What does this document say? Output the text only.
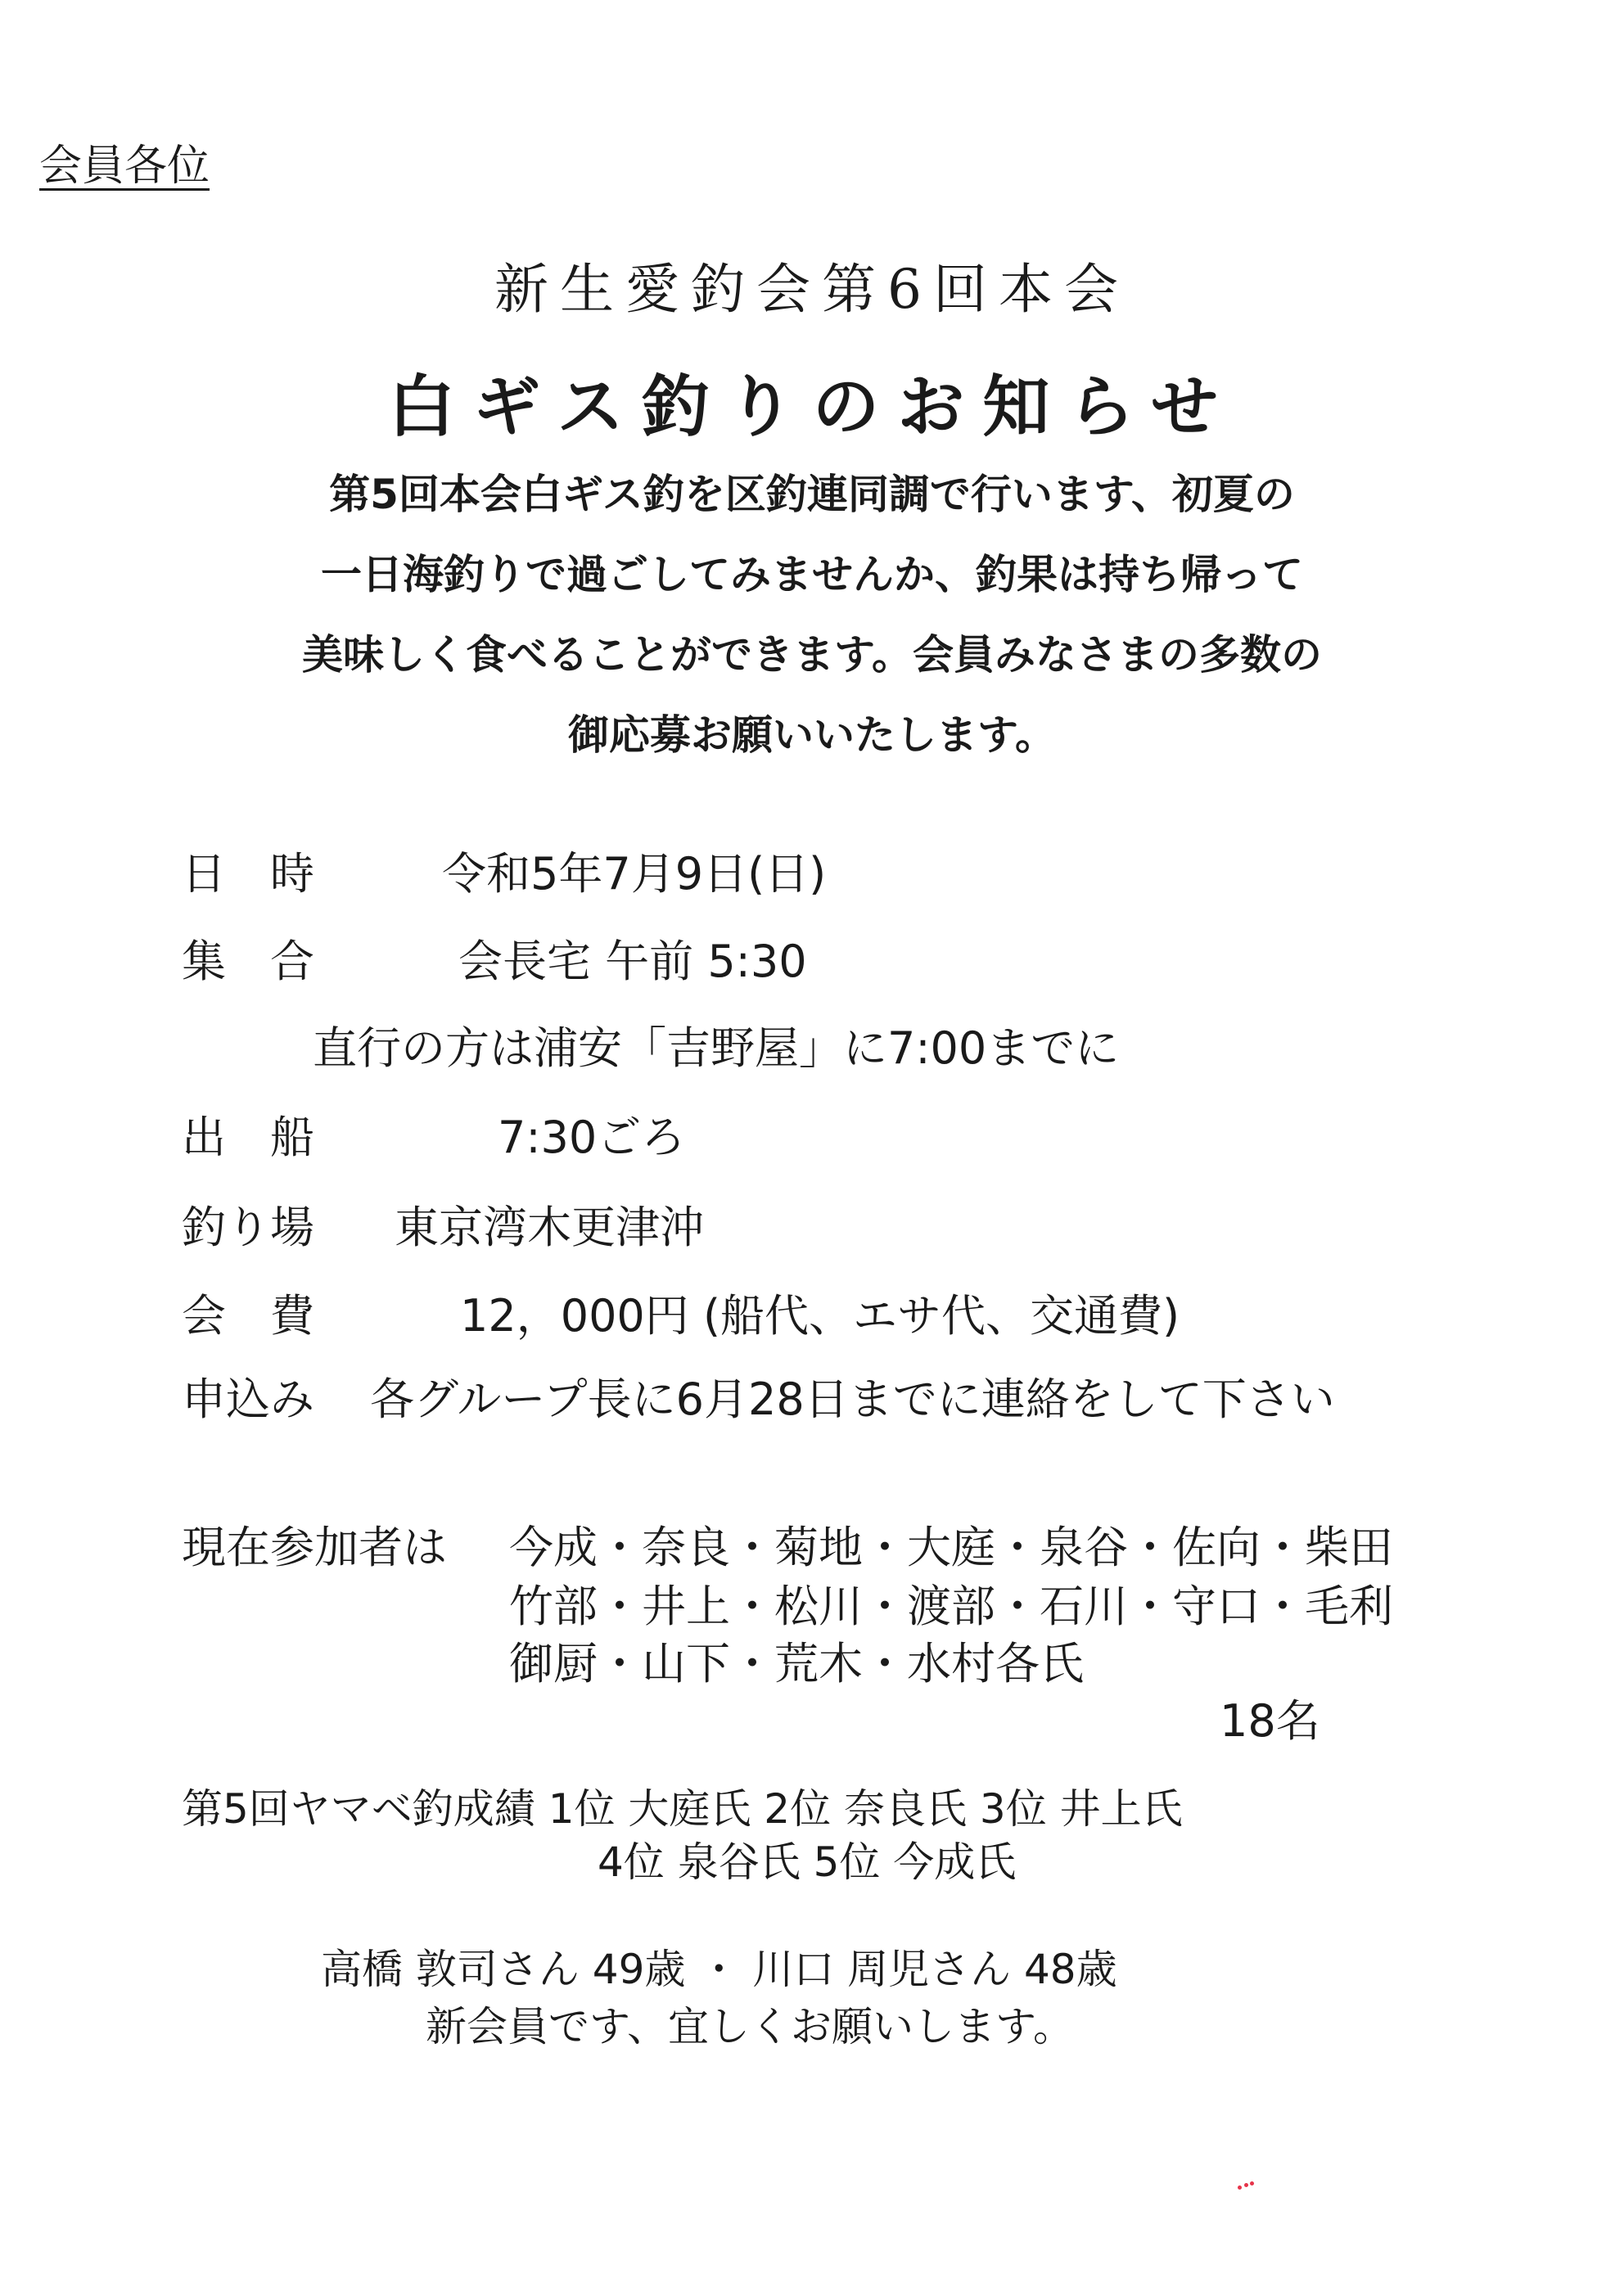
会員各位
新生愛釣会第6回本会
白ギス釣りのお知らせ
第5回本会白ギス釣を区釣連同調で行います、初夏の
一日海釣りで過ごしてみませんか、釣果は持ち帰って
美味しく食べることができます。会員みなさまの多数の
御応募お願いいたします。
日　時	令和5年7月9日(日)
集　合	会長宅 午前 5:30
直行の方は浦安「吉野屋」に7:00までに
出　船	7:30ごろ
釣り場 東京湾木更津沖
会　費	12，000円 (船代、エサ代、交通費)
申込み 各グループ長に6月28日までに連絡をして下さい
現在参加者は 今成・奈良・菊地・大庭・泉谷・佐向・柴田
竹部・井上・松川・渡部・石川・守口・毛利
御厨・山下・荒木・水村各氏
18名
第5回ヤマベ釣成績 1位 大庭氏 2位 奈良氏 3位 井上氏
4位 泉谷氏 5位 今成氏
高橋 敦司さん 49歳 ・ 川口 周児さん 48歳
新会員です、宜しくお願いします。
